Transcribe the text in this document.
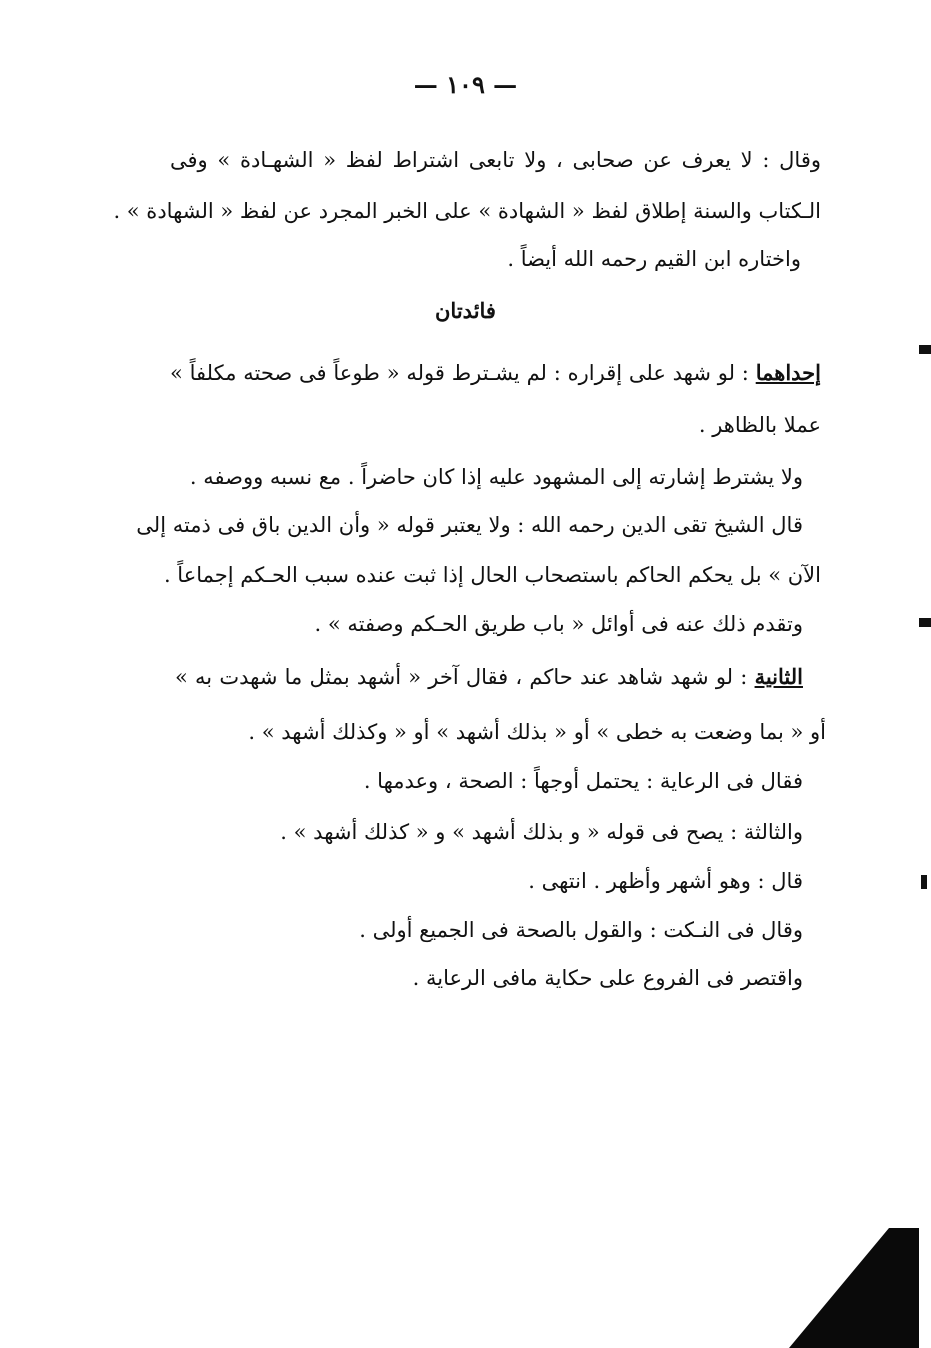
— ١٠٩ —
وقال : لا يعرف عن صحابى ، ولا تابعى اشتراط لفظ « الشهـادة » وفى
الـكتاب والسنة إطلاق لفظ « الشهادة » على الخبر المجرد عن لفظ « الشهادة » .
واختاره ابن القيم رحمه الله أيضاً .
فائدتان
إحداهما : لو شهد على إقراره : لم يشـترط قوله « طوعاً فى صحته مكلفاً »
عملا بالظاهر .
ولا يشترط إشارته إلى المشهود عليه إذا كان حاضراً . مع نسبه ووصفه .
قال الشيخ تقى الدين رحمه الله : ولا يعتبر قوله « وأن الدين باق فى ذمته إلى
الآن » بل يحكم الحاكم باستصحاب الحال إذا ثبت عنده سبب الحـكم إجماعاً .
وتقدم ذلك عنه فى أوائل « باب طريق الحـكم وصفته » .
الثانية : لو شهد شاهد عند حاكم ، فقال آخر « أشهد بمثل ما شهدت به »
أو « بما وضعت به خطى » أو « بذلك أشهد » أو « وكذلك أشهد » .
فقال فى الرعاية : يحتمل أوجهاً : الصحة ، وعدمها .
والثالثة : يصح فى قوله « و بذلك أشهد » و « كذلك أشهد » .
قال : وهو أشهر وأظهر . انتهى .
وقال فى النـكت : والقول بالصحة فى الجميع أولى .
واقتصر فى الفروع على حكاية مافى الرعاية .
